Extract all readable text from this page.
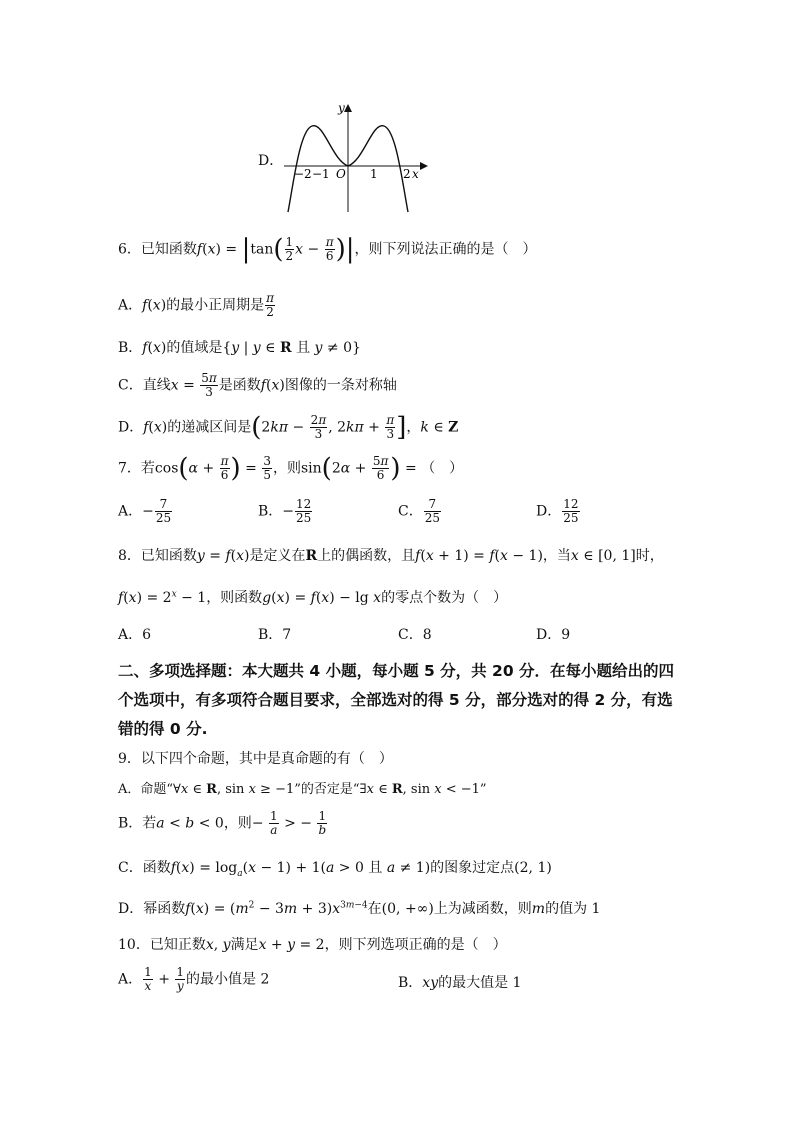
D．
y
x
O
−2 −1	1 2
6．已知函数$f(x) = |\tan( \frac{1}{2}$ $x - \frac{\pi}{6}$ )|，则下列说法正确的是（　）
A．f(x)的最小正周期是 $\frac{\pi}{2}$
B．f(x)的值域是{y | y ∈ R 且 y ≠ 0}
C．直线$x = \frac{5\pi}{3}$ 是函数f(x)图像的一条对称轴
D．f(x)的递减区间是($2k\pi - \frac{2\pi}{3}$ , $2k\pi + \frac{\pi}{3}$ ]，k ∈ Z
7．若$\cos(\alpha + \frac{\pi}{6}$ ) = $\frac{3}{5}$ ，则$\sin(2\alpha + \frac{5\pi}{6}$ ) = （　）
A．− $\frac{7}{25}$	B．− $\frac{12}{25}$	C． $\frac{7}{25}$	D． $\frac{12}{25}$
8．已知函数y = f(x)是定义在R上的偶函数，且f(x + 1) = f(x − 1)，当x ∈ [0, 1]时，
$f(x) = 2^x - 1$，则函数g(x) = f(x) − lg x的零点个数为（　）
A．6	B．7	C．8	D．9
二、多项选择题：本大题共 4 小题，每小题 5 分，共 20 分．在每小题给出的四
个选项中，有多项符合题目要求，全部选对的得 5 分，部分选对的得 2 分，有选
错的得 0 分.
9．以下四个命题，其中是真命题的有（　）
A．命题“∀x ∈ R, sin x ≥ −1”的否定是“∃x ∈ R, sin x < −1”
B．若a < b < 0，则− $\frac{1}{a}$ > − $\frac{1}{b}$
C．函数$f(x) = \log_a(x - 1) + 1(a > 0$ 且 a ≠ 1)的图象过定点(2, 1)
D．幂函数$f(x) = (m^2 - 3m + 3)x^{3m-4}$在(0, +∞)上为减函数，则m的值为 1
10．已知正数x, y满足x + y = 2，则下列选项正确的是（　）
A． $\frac{1}{x} + \frac{1}{y}$ 的最小值是 2	B．xy的最大值是 1
